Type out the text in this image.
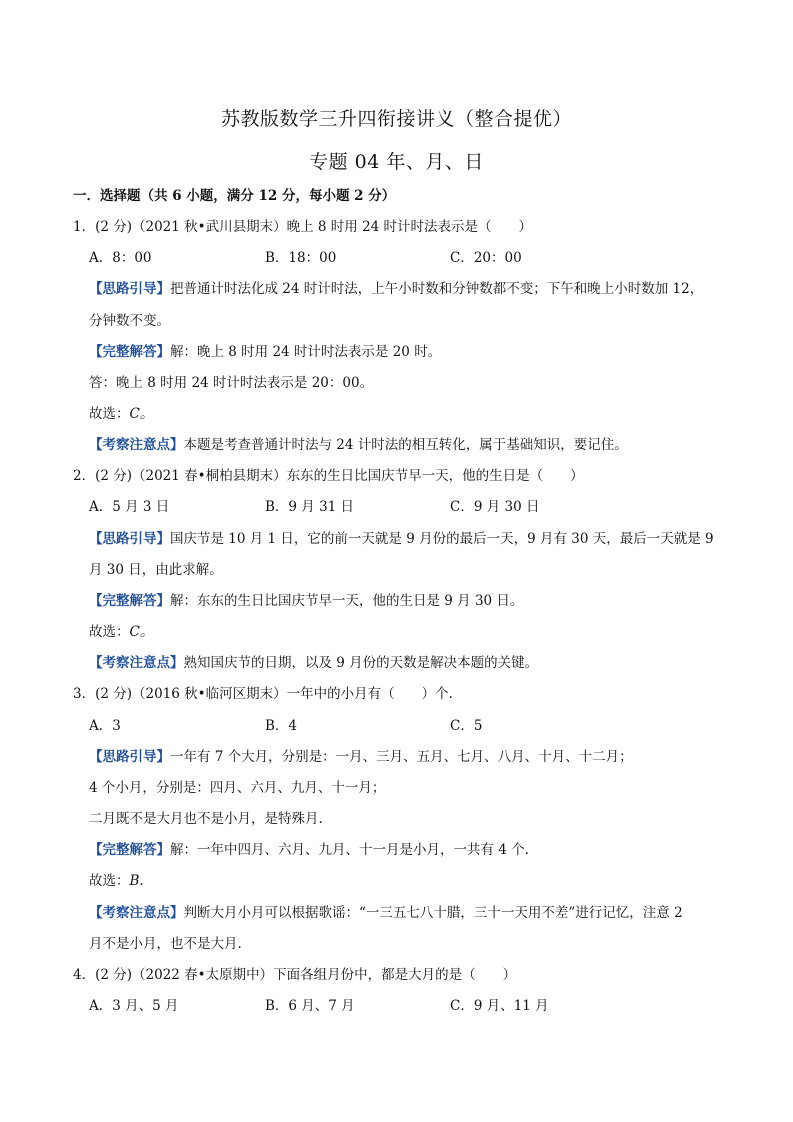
苏教版数学三升四衔接讲义（整合提优）
专题 04 年、月、日
一．选择题（共 6 小题，满分 12 分，每小题 2 分）
1．(2 分)（2021 秋•武川县期末）晚上 8 时用 24 时计时法表示是（　　）
A．8：00	B．18：00	C．20：00
【思路引导】把普通计时法化成 24 时计时法，上午小时数和分钟数都不变；下午和晚上小时数加 12，
分钟数不变。
【完整解答】解：晚上 8 时用 24 时计时法表示是 20 时。
答：晚上 8 时用 24 时计时法表示是 20：00。
故选：C。
【考察注意点】本题是考查普通计时法与 24 计时法的相互转化，属于基础知识，要记住。
2．(2 分)（2021 春•桐柏县期末）东东的生日比国庆节早一天，他的生日是（　　）
A．5 月 3 日	B．9 月 31 日	C．9 月 30 日
【思路引导】国庆节是 10 月 1 日，它的前一天就是 9 月份的最后一天，9 月有 30 天，最后一天就是 9
月 30 日，由此求解。
【完整解答】解：东东的生日比国庆节早一天，他的生日是 9 月 30 日。
故选：C。
【考察注意点】熟知国庆节的日期，以及 9 月份的天数是解决本题的关键。
3．(2 分)（2016 秋•临河区期末）一年中的小月有（　　）个.
A．3	B．4	C．5
【思路引导】一年有 7 个大月，分别是：一月、三月、五月、七月、八月、十月、十二月；
4 个小月，分别是：四月、六月、九月、十一月；
二月既不是大月也不是小月，是特殊月.
【完整解答】解：一年中四月、六月、九月、十一月是小月，一共有 4 个.
故选：B.
【考察注意点】判断大月小月可以根据歌谣：“一三五七八十腊，三十一天用不差”进行记忆，注意 2
月不是小月，也不是大月.
4．(2 分)（2022 春•太原期中）下面各组月份中，都是大月的是（　　）
A．3 月、5 月	B．6 月、7 月	C．9 月、11 月
